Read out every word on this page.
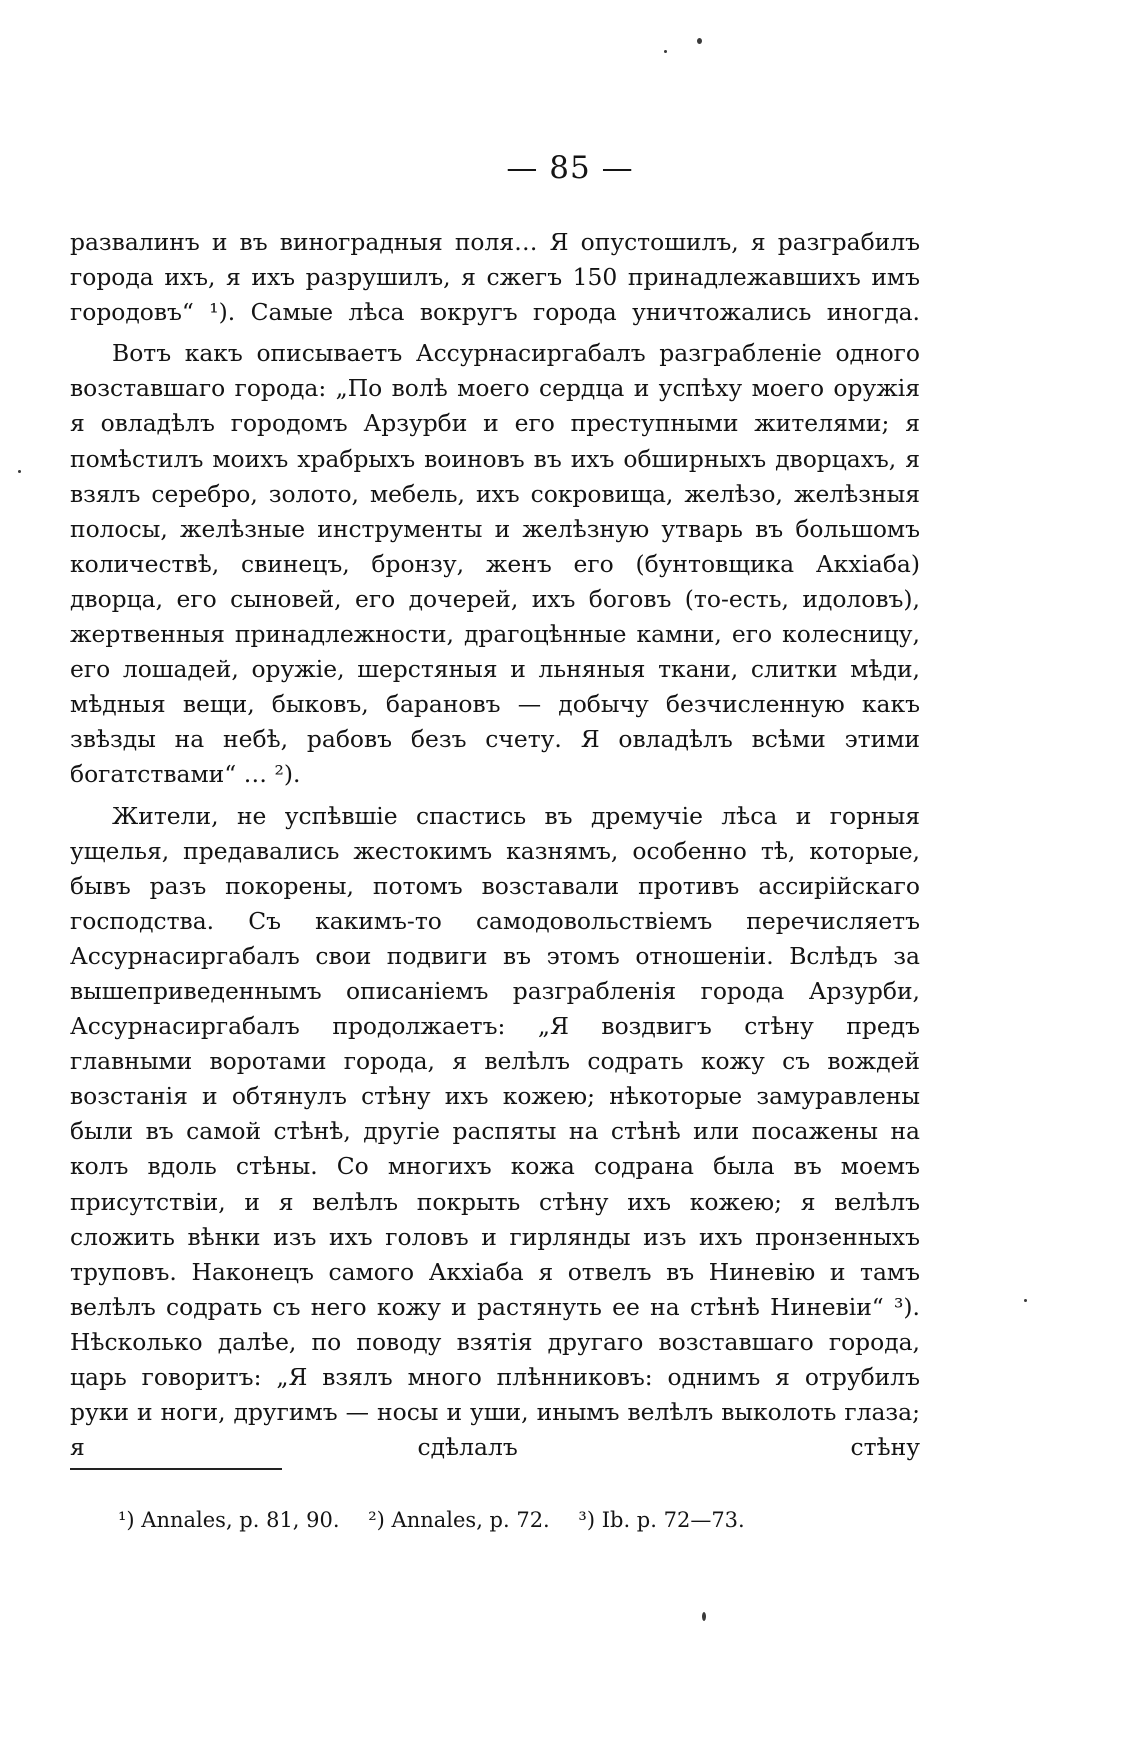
— 85 —

развалинъ и въ виноградныя поля… Я опустошилъ, я разграбилъ города ихъ, я ихъ разрушилъ, я сжегъ 150 принадлежавшихъ имъ городовъ“ ¹). Самые лѣса вокругъ города уничтожались иногда.

Вотъ какъ описываетъ Ассурнасиргабалъ разграбленіе одного возставшаго города: „По волѣ моего сердца и успѣху моего оружія я овладѣлъ городомъ Арзурби и его преступными жителями; я помѣстилъ моихъ храбрыхъ воиновъ въ ихъ обширныхъ дворцахъ, я взялъ серебро, золото, мебель, ихъ сокровища, желѣзо, желѣзныя полосы, желѣзные инструменты и желѣзную утварь въ большомъ количествѣ, свинецъ, бронзу, женъ его (бунтовщика Акхіаба) дворца, его сыновей, его дочерей, ихъ боговъ (то-есть, идоловъ), жертвенныя принадлежности, драгоцѣнные камни, его колесницу, его лошадей, оружіе, шерстяныя и льняныя ткани, слитки мѣди, мѣдныя вещи, быковъ, барановъ — добычу безчисленную какъ звѣзды на небѣ, рабовъ безъ счету. Я овладѣлъ всѣми этими богатствами“ … ²).

Жители, не успѣвшіе спастись въ дремучіе лѣса и горныя ущелья, предавались жестокимъ казнямъ, особенно тѣ, которые, бывъ разъ покорены, потомъ возставали противъ ассирійскаго господства. Съ какимъ-то самодовольствіемъ перечисляетъ Ассурнасиргабалъ свои подвиги въ этомъ отношеніи. Вслѣдъ за вышеприведеннымъ описаніемъ разграбленія города Арзурби, Ассурнасиргабалъ продолжаетъ: „Я воздвигъ стѣну предъ главными воротами города, я велѣлъ содрать кожу съ вождей возстанія и обтянулъ стѣну ихъ кожею; нѣкоторые замуравлены были въ самой стѣнѣ, другіе распяты на стѣнѣ или посажены на колъ вдоль стѣны. Со многихъ кожа содрана была въ моемъ присутствіи, и я велѣлъ покрыть стѣну ихъ кожею; я велѣлъ сложить вѣнки изъ ихъ головъ и гирлянды изъ ихъ пронзенныхъ труповъ. Наконецъ самого Акхіаба я отвелъ въ Ниневію и тамъ велѣлъ содрать съ него кожу и растянуть ее на стѣнѣ Ниневіи“ ³). Нѣсколько далѣе, по поводу взятія другаго возставшаго города, царь говоритъ: „Я взялъ много плѣнниковъ: однимъ я отрубилъ руки и ноги, другимъ — носы и уши, инымъ велѣлъ выколоть глаза; я сдѣлалъ стѣну

¹) Annales, p. 81, 90. ²) Annales, p. 72. ³) Ib. p. 72—73.
